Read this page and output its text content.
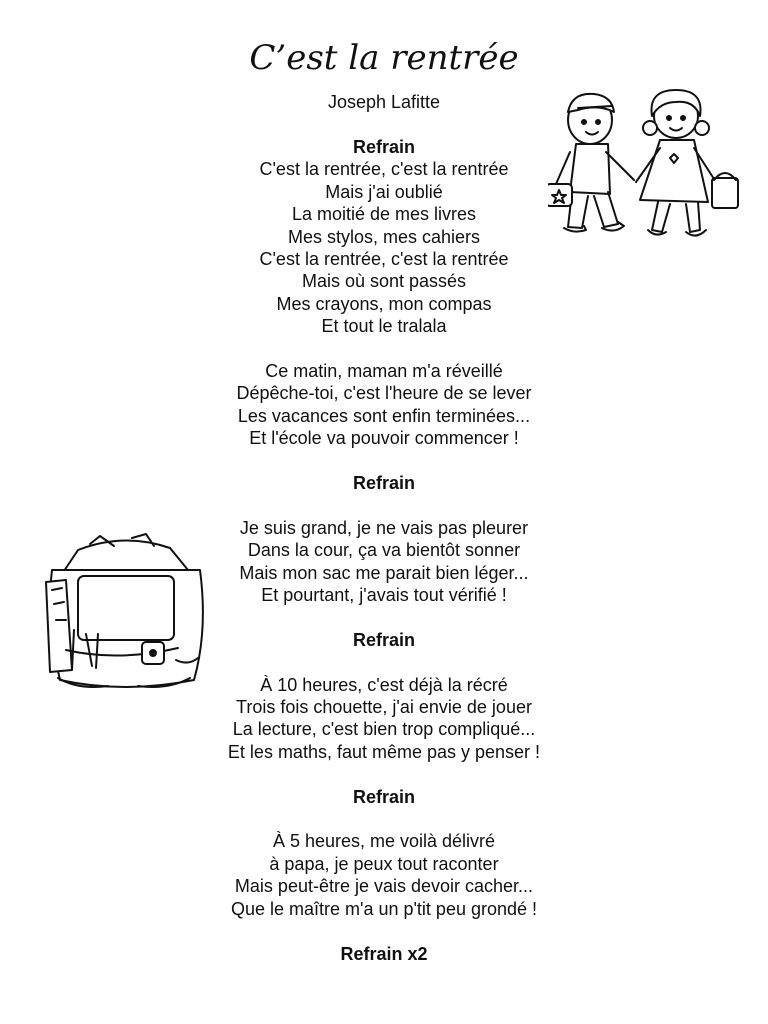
C’est la rentrée
Joseph Lafitte
Refrain
C'est la rentrée, c'est la rentrée
Mais j'ai oublié
La moitié de mes livres
Mes stylos, mes cahiers
C'est la rentrée, c'est la rentrée
Mais où sont passés
Mes crayons, mon compas
Et tout le tralala
Ce matin, maman m'a réveillé
Dépêche-toi, c'est l'heure de se lever
Les vacances sont enfin terminées...
Et l'école va pouvoir commencer !
Refrain
Je suis grand, je ne vais pas pleurer
Dans la cour, ça va bientôt sonner
Mais mon sac me parait bien léger...
Et pourtant, j'avais tout vérifié !
Refrain
À 10 heures, c'est déjà la récré
Trois fois chouette, j'ai envie de jouer
La lecture, c'est bien trop compliqué...
Et les maths, faut même pas y penser !
Refrain
À 5 heures, me voilà délivré
à papa, je peux tout raconter
Mais peut-être je vais devoir cacher...
Que le maître m'a un p'tit peu grondé !
Refrain x2
